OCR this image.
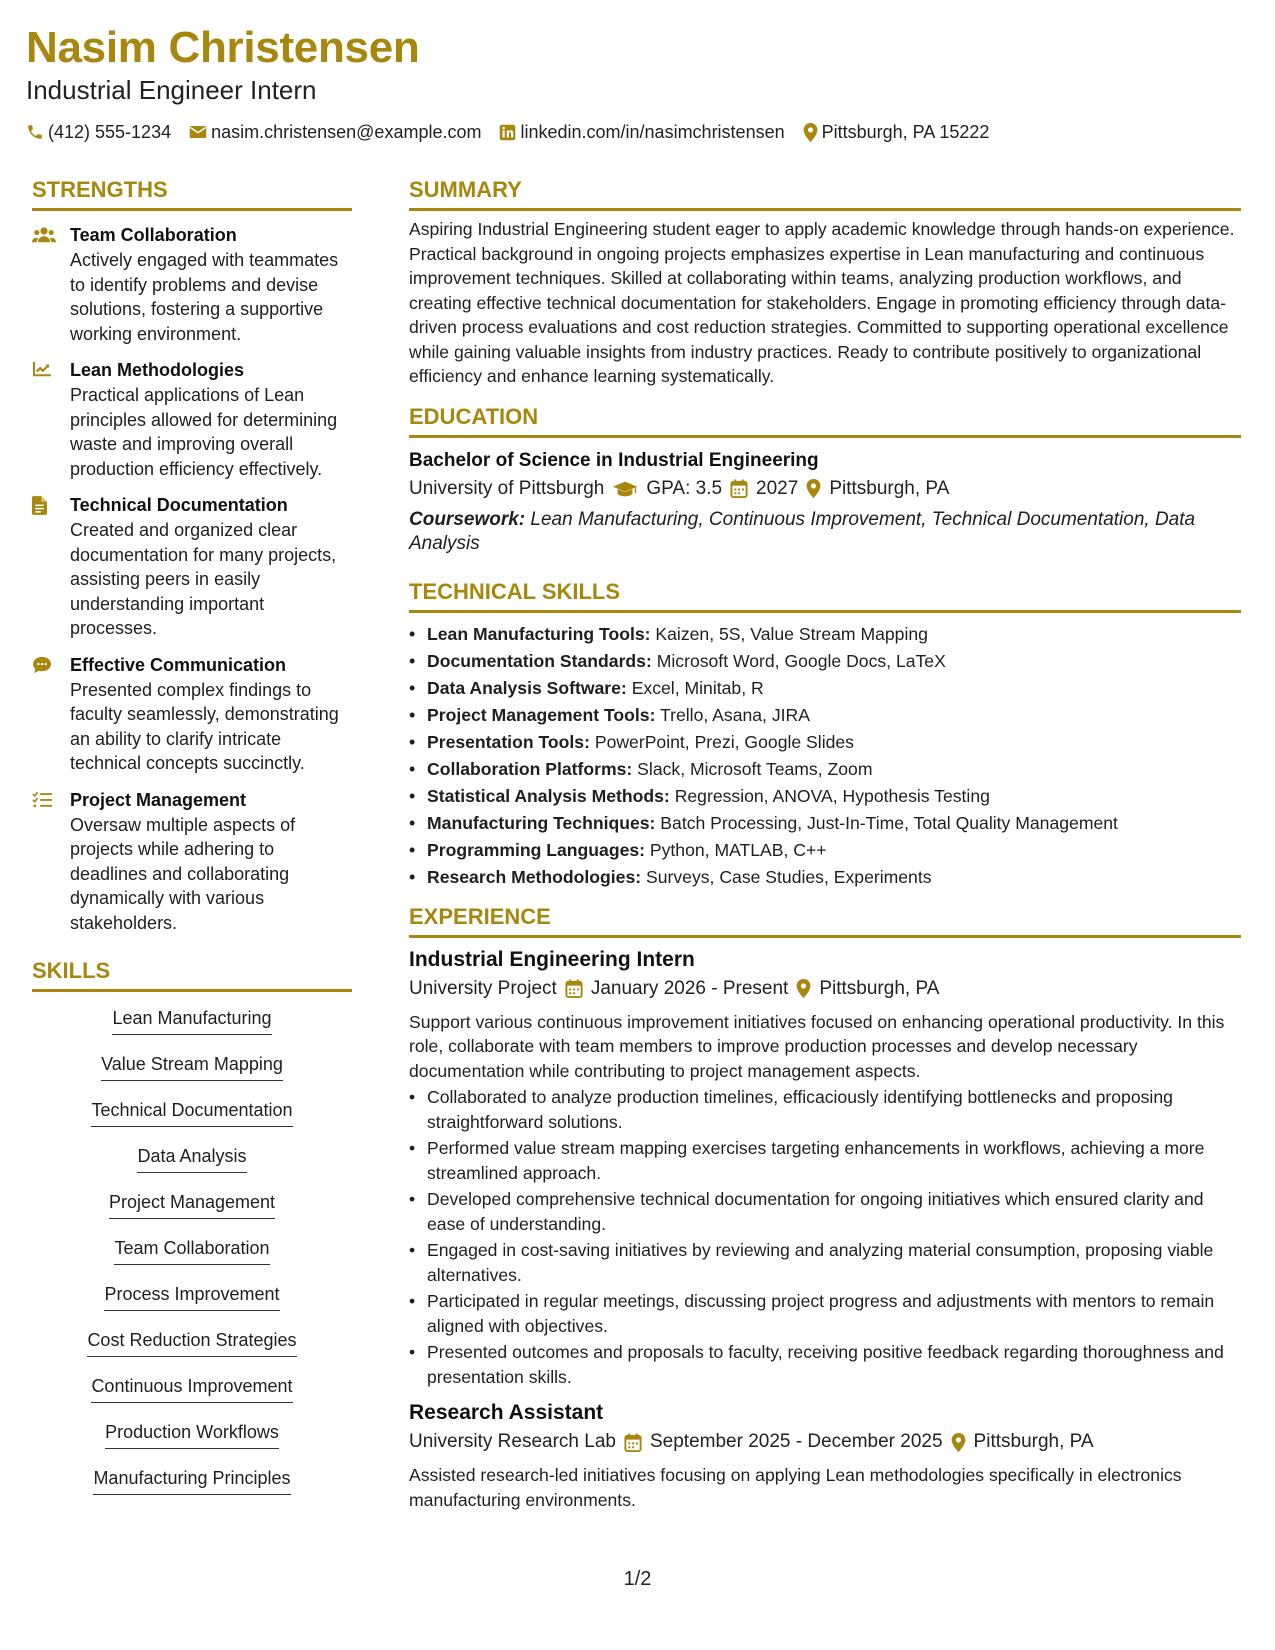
Nasim Christensen
Industrial Engineer Intern
(412) 555-1234 nasim.christensen@example.com linkedin.com/in/nasimchristensen Pittsburgh, PA 15222
STRENGTHS
Team Collaboration
Actively engaged with teammates to identify problems and devise solutions, fostering a supportive working environment.
Lean Methodologies
Practical applications of Lean principles allowed for determining waste and improving overall production efficiency effectively.
Technical Documentation
Created and organized clear documentation for many projects, assisting peers in easily understanding important processes.
Effective Communication
Presented complex findings to faculty seamlessly, demonstrating an ability to clarify intricate technical concepts succinctly.
Project Management
Oversaw multiple aspects of projects while adhering to deadlines and collaborating dynamically with various stakeholders.
SKILLS
Lean Manufacturing
Value Stream Mapping
Technical Documentation
Data Analysis
Project Management
Team Collaboration
Process Improvement
Cost Reduction Strategies
Continuous Improvement
Production Workflows
Manufacturing Principles
SUMMARY
Aspiring Industrial Engineering student eager to apply academic knowledge through hands-on experience. Practical background in ongoing projects emphasizes expertise in Lean manufacturing and continuous improvement techniques. Skilled at collaborating within teams, analyzing production workflows, and creating effective technical documentation for stakeholders. Engage in promoting efficiency through data-driven process evaluations and cost reduction strategies. Committed to supporting operational excellence while gaining valuable insights from industry practices. Ready to contribute positively to organizational efficiency and enhance learning systematically.
EDUCATION
Bachelor of Science in Industrial Engineering
University of Pittsburgh GPA: 3.5 2027 Pittsburgh, PA
Coursework: Lean Manufacturing, Continuous Improvement, Technical Documentation, Data Analysis
TECHNICAL SKILLS
• Lean Manufacturing Tools: Kaizen, 5S, Value Stream Mapping
• Documentation Standards: Microsoft Word, Google Docs, LaTeX
• Data Analysis Software: Excel, Minitab, R
• Project Management Tools: Trello, Asana, JIRA
• Presentation Tools: PowerPoint, Prezi, Google Slides
• Collaboration Platforms: Slack, Microsoft Teams, Zoom
• Statistical Analysis Methods: Regression, ANOVA, Hypothesis Testing
• Manufacturing Techniques: Batch Processing, Just-In-Time, Total Quality Management
• Programming Languages: Python, MATLAB, C++
• Research Methodologies: Surveys, Case Studies, Experiments
EXPERIENCE
Industrial Engineering Intern
University Project January 2026 - Present Pittsburgh, PA
Support various continuous improvement initiatives focused on enhancing operational productivity. In this role, collaborate with team members to improve production processes and develop necessary documentation while contributing to project management aspects.
• Collaborated to analyze production timelines, efficaciously identifying bottlenecks and proposing straightforward solutions.
• Performed value stream mapping exercises targeting enhancements in workflows, achieving a more streamlined approach.
• Developed comprehensive technical documentation for ongoing initiatives which ensured clarity and ease of understanding.
• Engaged in cost-saving initiatives by reviewing and analyzing material consumption, proposing viable alternatives.
• Participated in regular meetings, discussing project progress and adjustments with mentors to remain aligned with objectives.
• Presented outcomes and proposals to faculty, receiving positive feedback regarding thoroughness and presentation skills.
Research Assistant
University Research Lab September 2025 - December 2025 Pittsburgh, PA
Assisted research-led initiatives focusing on applying Lean methodologies specifically in electronics manufacturing environments.
1/2
